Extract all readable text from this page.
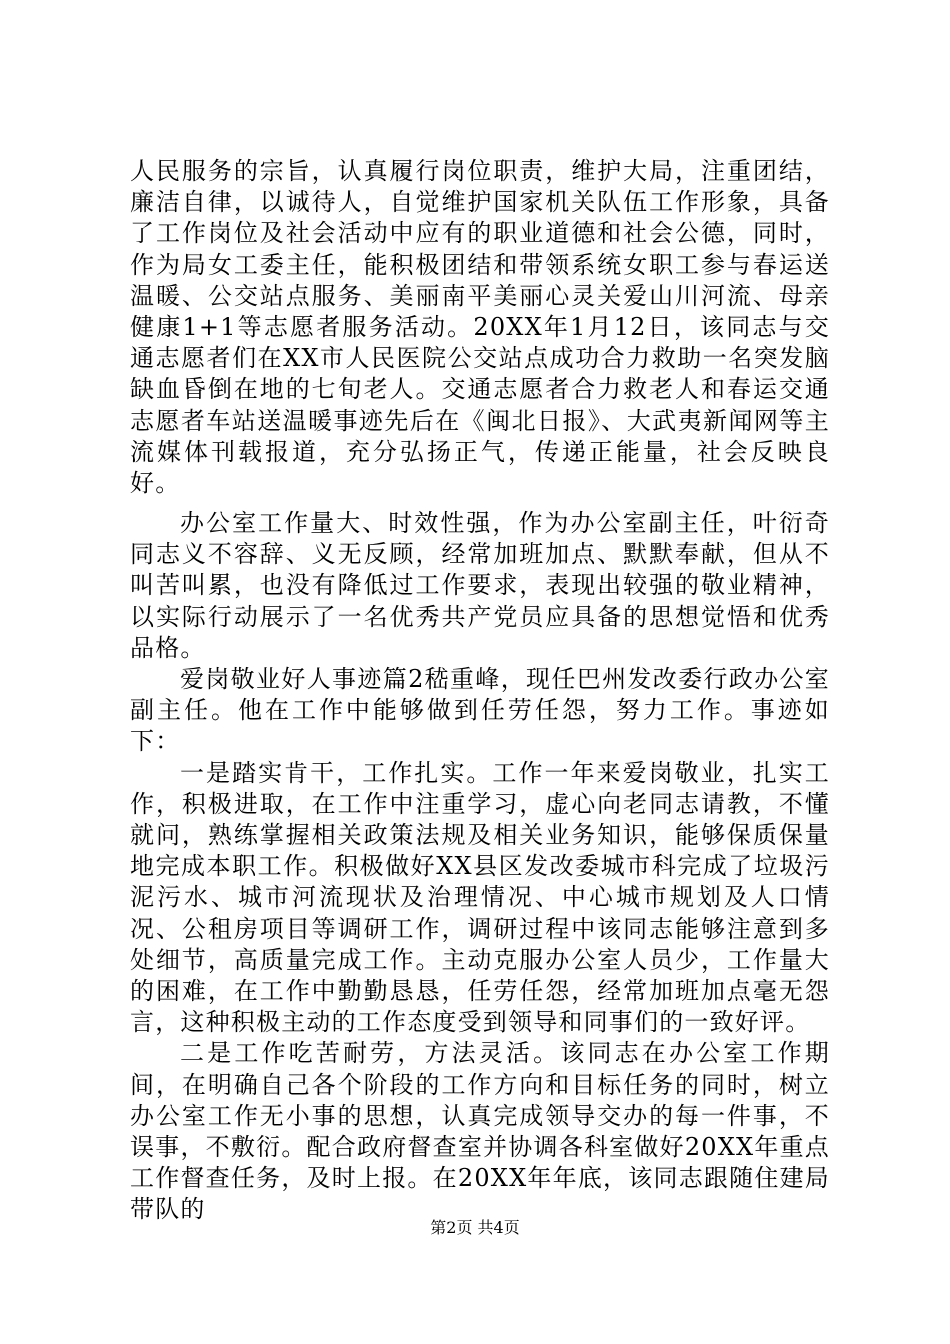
人民服务的宗旨，认真履行岗位职责，维护大局，注重团结，廉洁自律，以诚待人，自觉维护国家机关队伍工作形象，具备了工作岗位及社会活动中应有的职业道德和社会公德，同时，作为局女工委主任，能积极团结和带领系统女职工参与春运送温暖、公交站点服务、美丽南平美丽心灵关爱山川河流、母亲健康1+1等志愿者服务活动。20XX年1月12日，该同志与交通志愿者们在XX市人民医院公交站点成功合力救助一名突发脑缺血昏倒在地的七旬老人。交通志愿者合力救老人和春运交通志愿者车站送温暖事迹先后在《闽北日报》、大武夷新闻网等主流媒体刊载报道，充分弘扬正气，传递正能量，社会反映良好。

办公室工作量大、时效性强，作为办公室副主任，叶衍奇同志义不容辞、义无反顾，经常加班加点、默默奉献，但从不叫苦叫累，也没有降低过工作要求，表现出较强的敬业精神，以实际行动展示了一名优秀共产党员应具备的思想觉悟和优秀品格。

爱岗敬业好人事迹篇2嵇重峰，现任巴州发改委行政办公室副主任。他在工作中能够做到任劳任怨，努力工作。事迹如下：

一是踏实肯干，工作扎实。工作一年来爱岗敬业，扎实工作，积极进取，在工作中注重学习，虚心向老同志请教，不懂就问，熟练掌握相关政策法规及相关业务知识，能够保质保量地完成本职工作。积极做好XX县区发改委城市科完成了垃圾污泥污水、城市河流现状及治理情况、中心城市规划及人口情况、公租房项目等调研工作，调研过程中该同志能够注意到多处细节，高质量完成工作。主动克服办公室人员少，工作量大的困难，在工作中勤勤恳恳，任劳任怨，经常加班加点毫无怨言，这种积极主动的工作态度受到领导和同事们的一致好评。

二是工作吃苦耐劳，方法灵活。该同志在办公室工作期间，在明确自己各个阶段的工作方向和目标任务的同时，树立办公室工作无小事的思想，认真完成领导交办的每一件事，不误事，不敷衍。配合政府督查室并协调各科室做好20XX年重点工作督查任务，及时上报。在20XX年年底，该同志跟随住建局带队的

第2页 共4页
